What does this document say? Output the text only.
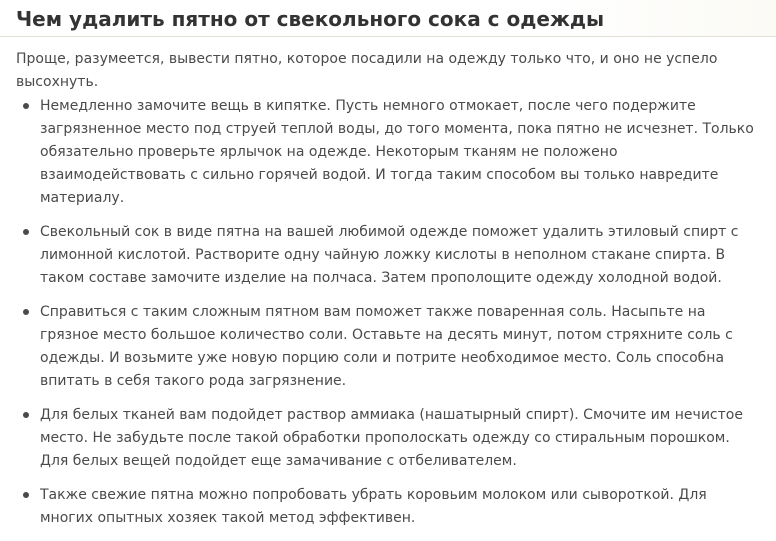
Чем удалить пятно от свекольного сока с одежды

Проще, разумеется, вывести пятно, которое посадили на одежду только что, и оно не успело высохнуть.

Немедленно замочите вещь в кипятке. Пусть немного отмокает, после чего подержите загрязненное место под струей теплой воды, до того момента, пока пятно не исчезнет. Только обязательно проверьте ярлычок на одежде. Некоторым тканям не положено взаимодействовать с сильно горячей водой. И тогда таким способом вы только навредите материалу.
Свекольный сок в виде пятна на вашей любимой одежде поможет удалить этиловый спирт с лимонной кислотой. Растворите одну чайную ложку кислоты в неполном стакане спирта. В таком составе замочите изделие на полчаса. Затем прополощите одежду холодной водой.
Справиться с таким сложным пятном вам поможет также поваренная соль. Насыпьте на грязное место большое количество соли. Оставьте на десять минут, потом стряхните соль с одежды. И возьмите уже новую порцию соли и потрите необходимое место. Соль способна впитать в себя такого рода загрязнение.
Для белых тканей вам подойдет раствор аммиака (нашатырный спирт). Смочите им нечистое место. Не забудьте после такой обработки прополоскать одежду со стиральным порошком. Для белых вещей подойдет еще замачивание с отбеливателем.
Также свежие пятна можно попробовать убрать коровьим молоком или сывороткой. Для многих опытных хозяек такой метод эффективен.
